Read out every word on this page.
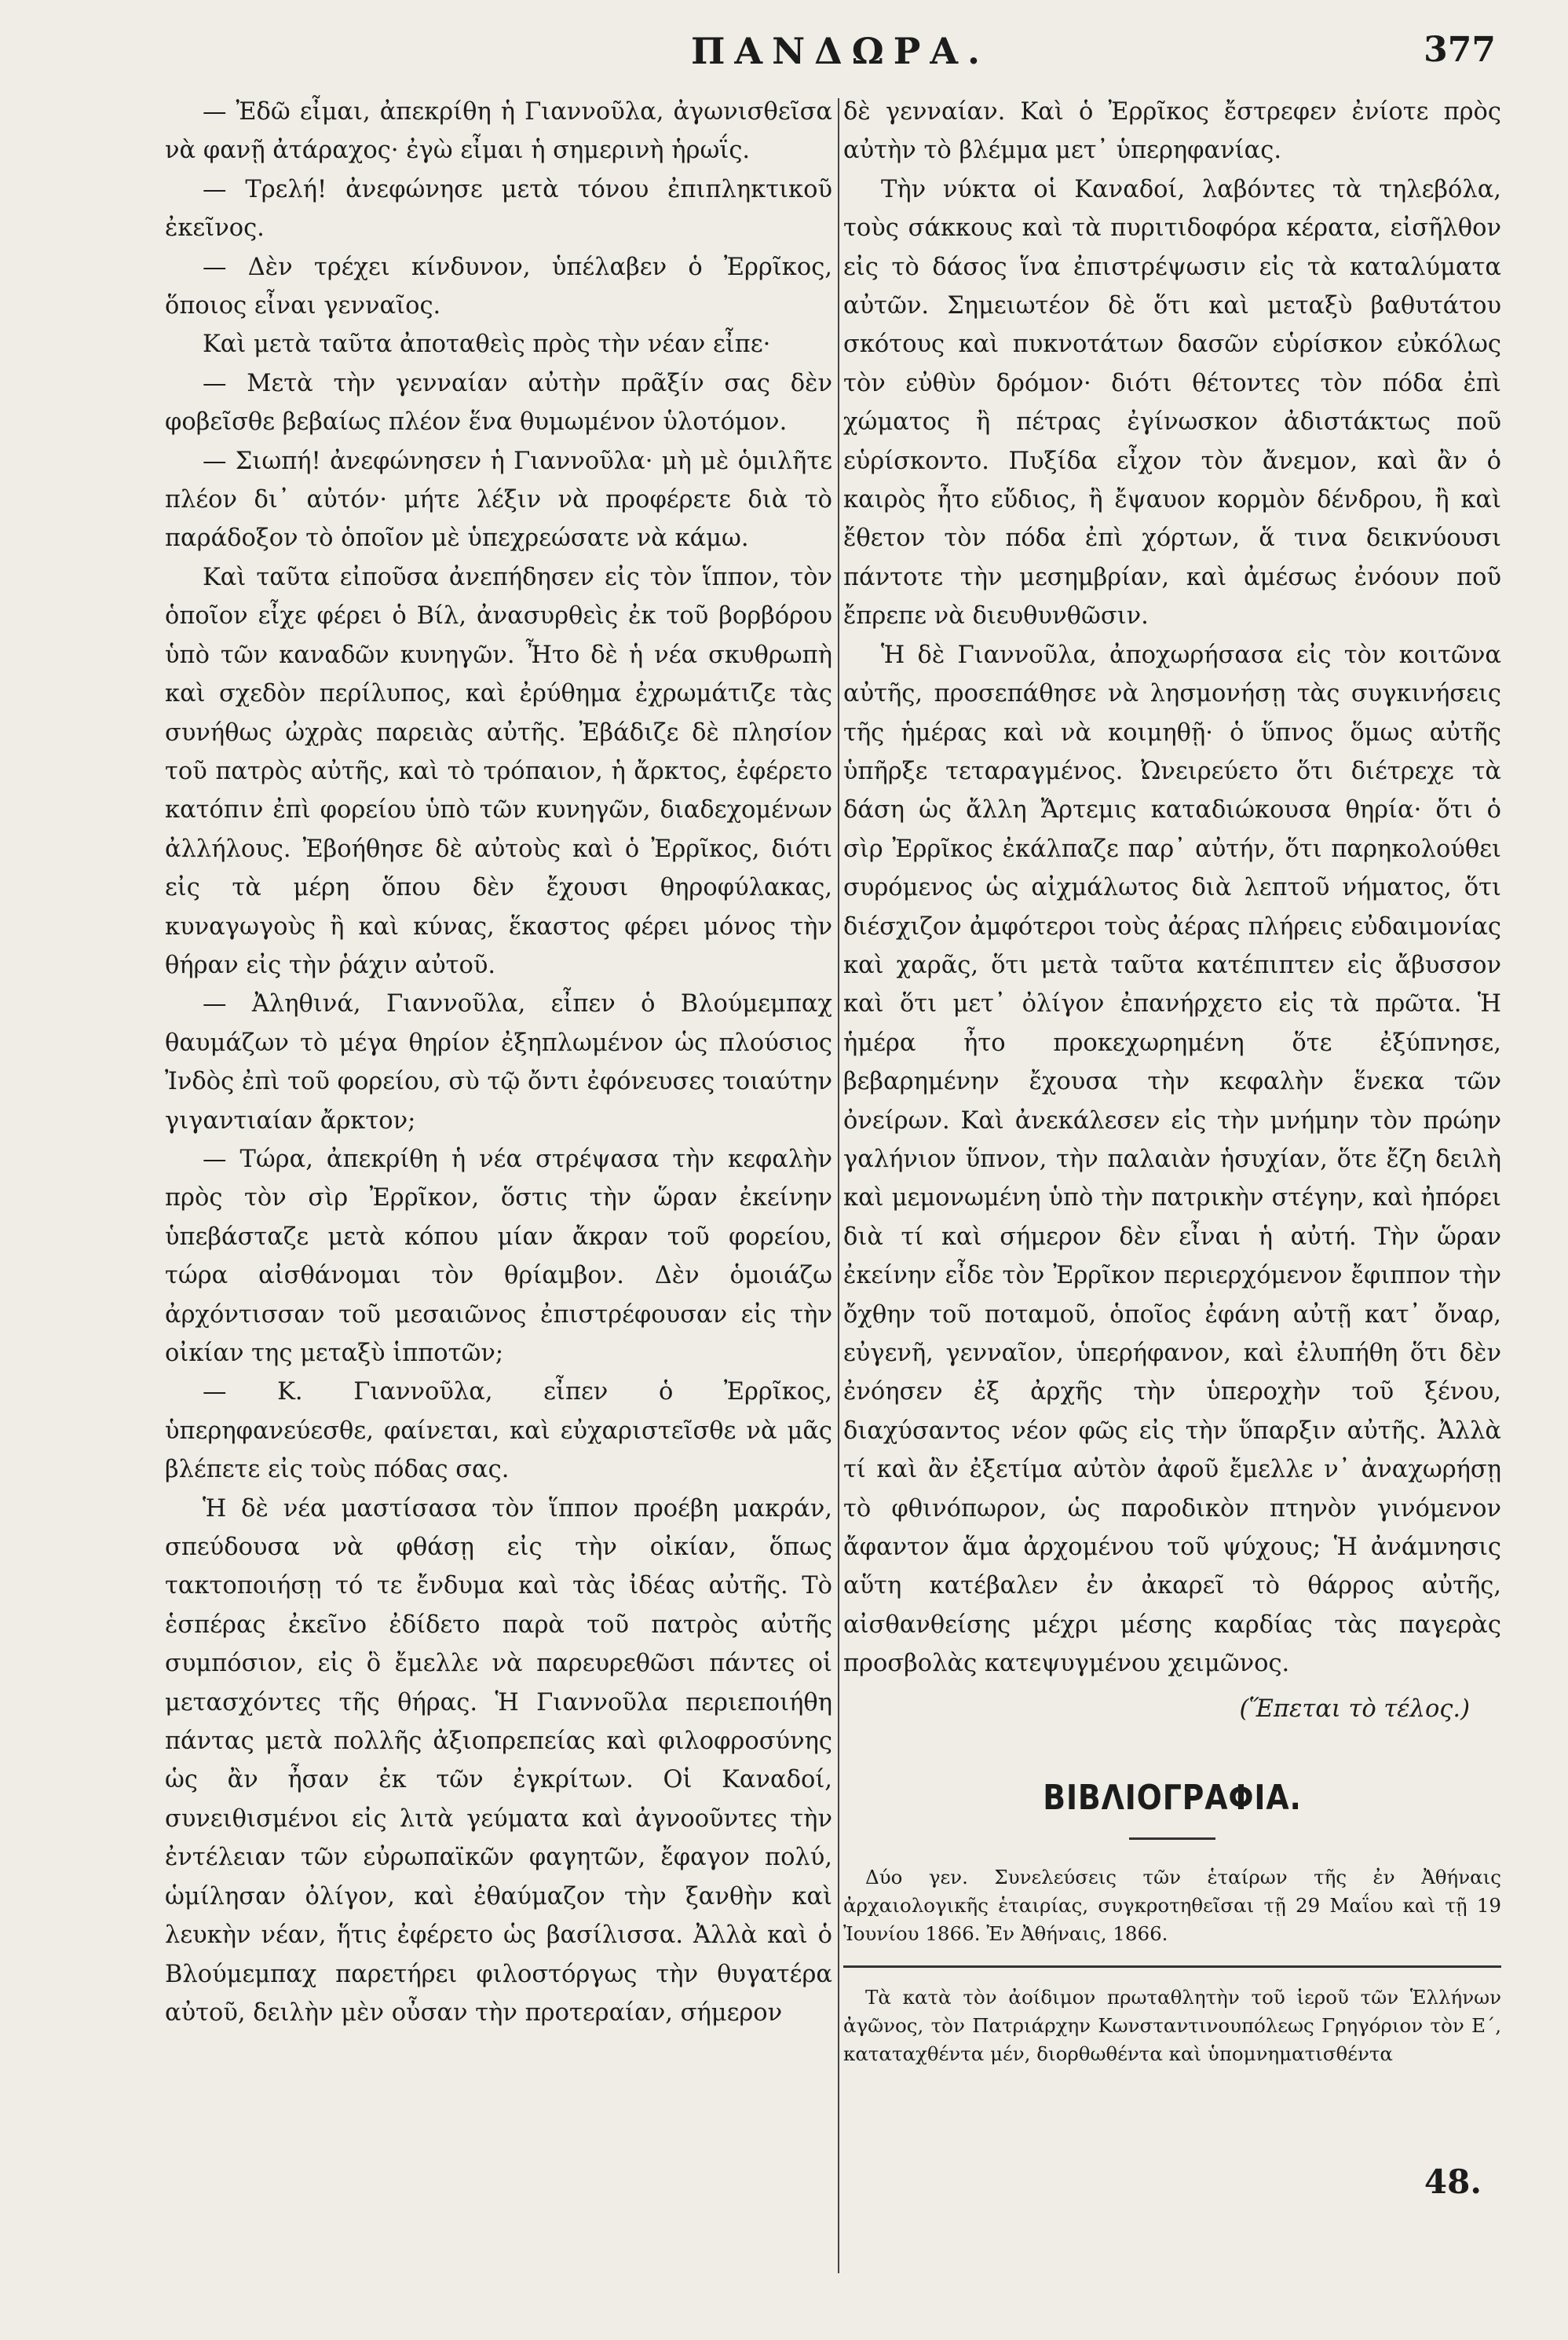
ΠΑΝΔΩΡΑ.	377

— Ἐδῶ εἶμαι, ἀπεκρίθη ἡ Γιαννοῦλα, ἀγωνισθεῖσα νὰ φανῇ ἀτάραχος· ἐγὼ εἶμαι ἡ σημερινὴ ἡρωΐς.

— Τρελή! ἀνεφώνησε μετὰ τόνου ἐπιπληκτικοῦ ἐκεῖνος.

— Δὲν τρέχει κίνδυνον, ὑπέλαβεν ὁ Ἐρρῖκος, ὅποιος εἶναι γενναῖος.

Καὶ μετὰ ταῦτα ἀποταθεὶς πρὸς τὴν νέαν εἶπε·

— Μετὰ τὴν γενναίαν αὐτὴν πρᾶξίν σας δὲν φοβεῖσθε βεβαίως πλέον ἕνα θυμωμένον ὑλοτόμον.

— Σιωπή! ἀνεφώνησεν ἡ Γιαννοῦλα· μὴ μὲ ὁμιλῆτε πλέον δι᾽ αὐτόν· μήτε λέξιν νὰ προφέρετε διὰ τὸ παράδοξον τὸ ὁποῖον μὲ ὑπεχρεώσατε νὰ κάμω.

Καὶ ταῦτα εἰποῦσα ἀνεπήδησεν εἰς τὸν ἵππον, τὸν ὁποῖον εἶχε φέρει ὁ Βίλ, ἀνασυρθεὶς ἐκ τοῦ βορβόρου ὑπὸ τῶν καναδῶν κυνηγῶν. Ἦτο δὲ ἡ νέα σκυθρωπὴ καὶ σχεδὸν περίλυπος, καὶ ἐρύθημα ἐχρωμάτιζε τὰς συνήθως ὠχρὰς παρειὰς αὐτῆς. Ἐβάδιζε δὲ πλησίον τοῦ πατρὸς αὐτῆς, καὶ τὸ τρόπαιον, ἡ ἄρκτος, ἐφέρετο κατόπιν ἐπὶ φορείου ὑπὸ τῶν κυνηγῶν, διαδεχομένων ἀλλήλους. Ἐβοήθησε δὲ αὐτοὺς καὶ ὁ Ἐρρῖκος, διότι εἰς τὰ μέρη ὅπου δὲν ἔχουσι θηροφύλακας, κυναγωγοὺς ἢ καὶ κύνας, ἕκαστος φέρει μόνος τὴν θήραν εἰς τὴν ῥάχιν αὐτοῦ.

— Ἀληθινά, Γιαννοῦλα, εἶπεν ὁ Βλούμεμπαχ θαυμάζων τὸ μέγα θηρίον ἐξηπλωμένον ὡς πλούσιος Ἰνδὸς ἐπὶ τοῦ φορείου, σὺ τῷ ὄντι ἐφόνευσες τοιαύτην γιγαντιαίαν ἄρκτον;

— Τώρα, ἀπεκρίθη ἡ νέα στρέψασα τὴν κεφαλὴν πρὸς τὸν σὶρ Ἐρρῖκον, ὅστις τὴν ὥραν ἐκείνην ὑπεβάσταζε μετὰ κόπου μίαν ἄκραν τοῦ φορείου, τώρα αἰσθάνομαι τὸν θρίαμβον. Δὲν ὁμοιάζω ἀρχόντισσαν τοῦ μεσαιῶνος ἐπιστρέφουσαν εἰς τὴν οἰκίαν της μεταξὺ ἱπποτῶν;

— Κ. Γιαννοῦλα, εἶπεν ὁ Ἐρρῖκος, ὑπερηφανεύεσθε, φαίνεται, καὶ εὐχαριστεῖσθε νὰ μᾶς βλέπετε εἰς τοὺς πόδας σας.

Ἡ δὲ νέα μαστίσασα τὸν ἵππον προέβη μακράν, σπεύδουσα νὰ φθάσῃ εἰς τὴν οἰκίαν, ὅπως τακτοποιήσῃ τό τε ἔνδυμα καὶ τὰς ἰδέας αὐτῆς. Τὸ ἑσπέρας ἐκεῖνο ἐδίδετο παρὰ τοῦ πατρὸς αὐτῆς συμπόσιον, εἰς ὃ ἔμελλε νὰ παρευρεθῶσι πάντες οἱ μετασχόντες τῆς θήρας. Ἡ Γιαννοῦλα περιεποιήθη πάντας μετὰ πολλῆς ἀξιοπρεπείας καὶ φιλοφροσύνης ὡς ἂν ἦσαν ἐκ τῶν ἐγκρίτων. Οἱ Καναδοί, συνειθισμένοι εἰς λιτὰ γεύματα καὶ ἀγνοοῦντες τὴν ἐντέλειαν τῶν εὐρωπαϊκῶν φαγητῶν, ἔφαγον πολύ, ὡμίλησαν ὀλίγον, καὶ ἐθαύμαζον τὴν ξανθὴν καὶ λευκὴν νέαν, ἥτις ἐφέρετο ὡς βασίλισσα. Ἀλλὰ καὶ ὁ Βλούμεμπαχ παρετήρει φιλοστόργως τὴν θυγατέρα αὐτοῦ, δειλὴν μὲν οὖσαν τὴν προτεραίαν, σήμερον

δὲ γενναίαν. Καὶ ὁ Ἐρρῖκος ἔστρεφεν ἐνίοτε πρὸς αὐτὴν τὸ βλέμμα μετ᾽ ὑπερηφανίας.

Τὴν νύκτα οἱ Καναδοί, λαβόντες τὰ τηλεβόλα, τοὺς σάκκους καὶ τὰ πυριτιδοφόρα κέρατα, εἰσῆλθον εἰς τὸ δάσος ἵνα ἐπιστρέψωσιν εἰς τὰ καταλύματα αὐτῶν. Σημειωτέον δὲ ὅτι καὶ μεταξὺ βαθυτάτου σκότους καὶ πυκνοτάτων δασῶν εὑρίσκον εὐκόλως τὸν εὐθὺν δρόμον· διότι θέτοντες τὸν πόδα ἐπὶ χώματος ἢ πέτρας ἐγίνωσκον ἀδιστάκτως ποῦ εὑρίσκοντο. Πυξίδα εἶχον τὸν ἄνεμον, καὶ ἂν ὁ καιρὸς ἦτο εὔδιος, ἢ ἔψαυον κορμὸν δένδρου, ἢ καὶ ἔθετον τὸν πόδα ἐπὶ χόρτων, ἅ τινα δεικνύουσι πάντοτε τὴν μεσημβρίαν, καὶ ἀμέσως ἐνόουν ποῦ ἔπρεπε νὰ διευθυνθῶσιν.

Ἡ δὲ Γιαννοῦλα, ἀποχωρήσασα εἰς τὸν κοιτῶνα αὐτῆς, προσεπάθησε νὰ λησμονήσῃ τὰς συγκινήσεις τῆς ἡμέρας καὶ νὰ κοιμηθῇ· ὁ ὕπνος ὅμως αὐτῆς ὑπῆρξε τεταραγμένος. Ὠνειρεύετο ὅτι διέτρεχε τὰ δάση ὡς ἄλλη Ἄρτεμις καταδιώκουσα θηρία· ὅτι ὁ σὶρ Ἐρρῖκος ἐκάλπαζε παρ᾽ αὐτήν, ὅτι παρηκολούθει συρόμενος ὡς αἰχμάλωτος διὰ λεπτοῦ νήματος, ὅτι διέσχιζον ἀμφότεροι τοὺς ἀέρας πλήρεις εὐδαιμονίας καὶ χαρᾶς, ὅτι μετὰ ταῦτα κατέπιπτεν εἰς ἄβυσσον καὶ ὅτι μετ᾽ ὀλίγον ἐπανήρχετο εἰς τὰ πρῶτα. Ἡ ἡμέρα ἦτο προκεχωρημένη ὅτε ἐξύπνησε, βεβαρημένην ἔχουσα τὴν κεφαλὴν ἕνεκα τῶν ὀνείρων. Καὶ ἀνεκάλεσεν εἰς τὴν μνήμην τὸν πρώην γαλήνιον ὕπνον, τὴν παλαιὰν ἡσυχίαν, ὅτε ἔζη δειλὴ καὶ μεμονωμένη ὑπὸ τὴν πατρικὴν στέγην, καὶ ἠπόρει διὰ τί καὶ σήμερον δὲν εἶναι ἡ αὐτή. Τὴν ὥραν ἐκείνην εἶδε τὸν Ἐρρῖκον περιερχόμενον ἔφιππον τὴν ὄχθην τοῦ ποταμοῦ, ὁποῖος ἐφάνη αὐτῇ κατ᾽ ὄναρ, εὐγενῆ, γενναῖον, ὑπερήφανον, καὶ ἐλυπήθη ὅτι δὲν ἐνόησεν ἐξ ἀρχῆς τὴν ὑπεροχὴν τοῦ ξένου, διαχύσαντος νέον φῶς εἰς τὴν ὕπαρξιν αὐτῆς. Ἀλλὰ τί καὶ ἂν ἐξετίμα αὐτὸν ἀφοῦ ἔμελλε ν᾽ ἀναχωρήσῃ τὸ φθινόπωρον, ὡς παροδικὸν πτηνὸν γινόμενον ἄφαντον ἅμα ἀρχομένου τοῦ ψύχους; Ἡ ἀνάμνησις αὕτη κατέβαλεν ἐν ἀκαρεῖ τὸ θάρρος αὐτῆς, αἰσθανθείσης μέχρι μέσης καρδίας τὰς παγερὰς προσβολὰς κατεψυγμένου χειμῶνος.

(Ἕπεται τὸ τέλος.)
ΒΙΒΛΙΟΓΡΑΦΙΑ.

Δύο γεν. Συνελεύσεις τῶν ἑταίρων τῆς ἐν Ἀθήναις ἀρχαιολογικῆς ἑταιρίας, συγκροτηθεῖσαι τῇ 29 Μαΐου καὶ τῇ 19 Ἰουνίου 1866. Ἐν Ἀθήναις, 1866.

Τὰ κατὰ τὸν ἀοίδιμον πρωταθλητὴν τοῦ ἱεροῦ τῶν Ἑλλήνων ἀγῶνος, τὸν Πατριάρχην Κωνσταντινουπόλεως Γρηγόριον τὸν Ε´, καταταχθέντα μέν, διορθωθέντα καὶ ὑπομνηματισθέντα

48.
